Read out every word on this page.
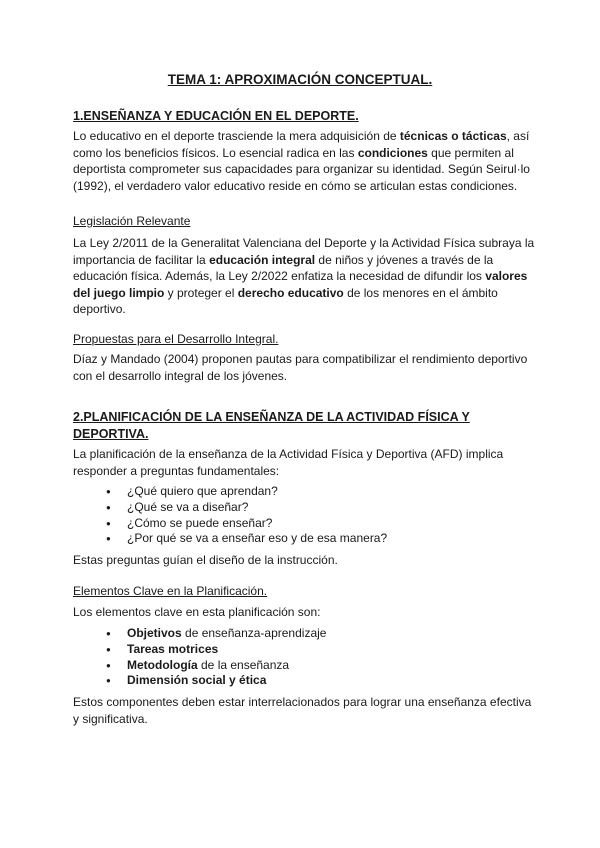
TEMA 1: APROXIMACIÓN CONCEPTUAL.
1.ENSEÑANZA Y EDUCACIÓN EN EL DEPORTE.

Lo educativo en el deporte trasciende la mera adquisición de técnicas o tácticas, así como los beneficios físicos. Lo esencial radica en las condiciones que permiten al deportista comprometer sus capacidades para organizar su identidad. Según Seirul·lo (1992), el verdadero valor educativo reside en cómo se articulan estas condiciones.

Legislación Relevante

La Ley 2/2011 de la Generalitat Valenciana del Deporte y la Actividad Física subraya la importancia de facilitar la educación integral de niños y jóvenes a través de la educación física. Además, la Ley 2/2022 enfatiza la necesidad de difundir los valores del juego limpio y proteger el derecho educativo de los menores en el ámbito deportivo.

Propuestas para el Desarrollo Integral.

Díaz y Mandado (2004) proponen pautas para compatibilizar el rendimiento deportivo con el desarrollo integral de los jóvenes.

2.PLANIFICACIÓN DE LA ENSEÑANZA DE LA ACTIVIDAD FÍSICA Y DEPORTIVA.

La planificación de la enseñanza de la Actividad Física y Deportiva (AFD) implica responder a preguntas fundamentales:

● ¿Qué quiero que aprendan?
● ¿Qué se va a diseñar?
● ¿Cómo se puede enseñar?
● ¿Por qué se va a enseñar eso y de esa manera?

Estas preguntas guían el diseño de la instrucción.

Elementos Clave en la Planificación.

Los elementos clave en esta planificación son:

● Objetivos de enseñanza-aprendizaje
● Tareas motrices
● Metodología de la enseñanza
● Dimensión social y ética

Estos componentes deben estar interrelacionados para lograr una enseñanza efectiva y significativa.
